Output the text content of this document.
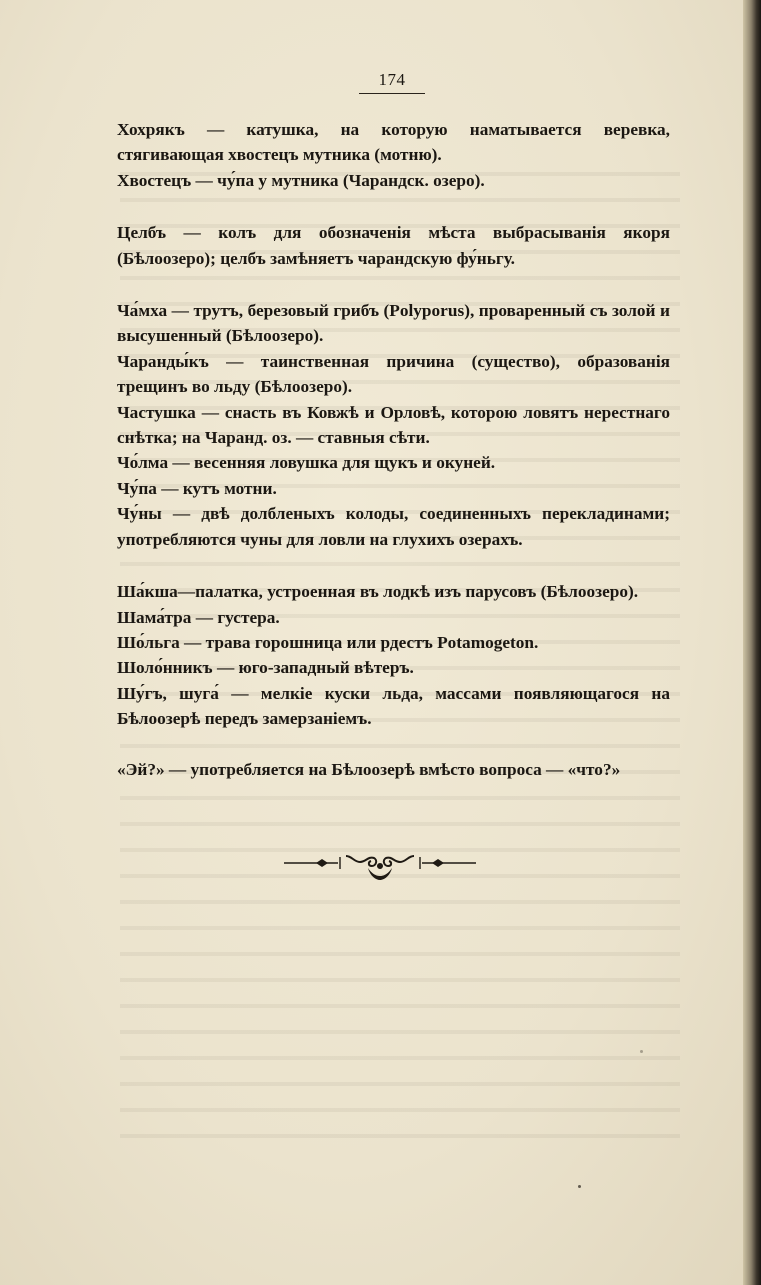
174

Хохрякъ — катушка, на которую наматывается веревка, стягивающая хвостецъ мутника (мотню).

Хвостецъ — чу́па у мутника (Чарандск. озеро).

Целбъ — колъ для обозначенія мѣста выбрасыванія якоря (Бѣлоозеро); целбъ замѣняетъ чарандскую фу́ньгу.

Ча́мха — трутъ, березовый грибъ (Polyporus), проваренный съ золой и высушенный (Бѣлоозеро).

Чаранды́къ — таинственная причина (существо), образованія трещинъ во льду (Бѣлоозеро).

Частушка — снасть въ Ковжѣ и Орловѣ, которою ловятъ нерестнаго снѣтка; на Чаранд. оз. — ставныя сѣти.

Чо́лма — весенняя ловушка для щукъ и окуней.

Чу́па — кутъ мотни.

Чу́ны — двѣ долбленыхъ колоды, соединенныхъ перекладинами; употребляются чуны для ловли на глухихъ озерахъ.

Ша́кша—палатка, устроенная въ лодкѣ изъ парусовъ (Бѣлоозеро).

Шама́тра — густера.

Шо́льга — трава горошница или рдестъ Potamogeton.

Шоло́нникъ — юго-западный вѣтеръ.

Шу́гъ, шуга́ — мелкіе куски льда, массами появляющагося на Бѣлоозерѣ передъ замерзаніемъ.

«Эй?» — употребляется на Бѣлоозерѣ вмѣсто вопроса — «что?»
